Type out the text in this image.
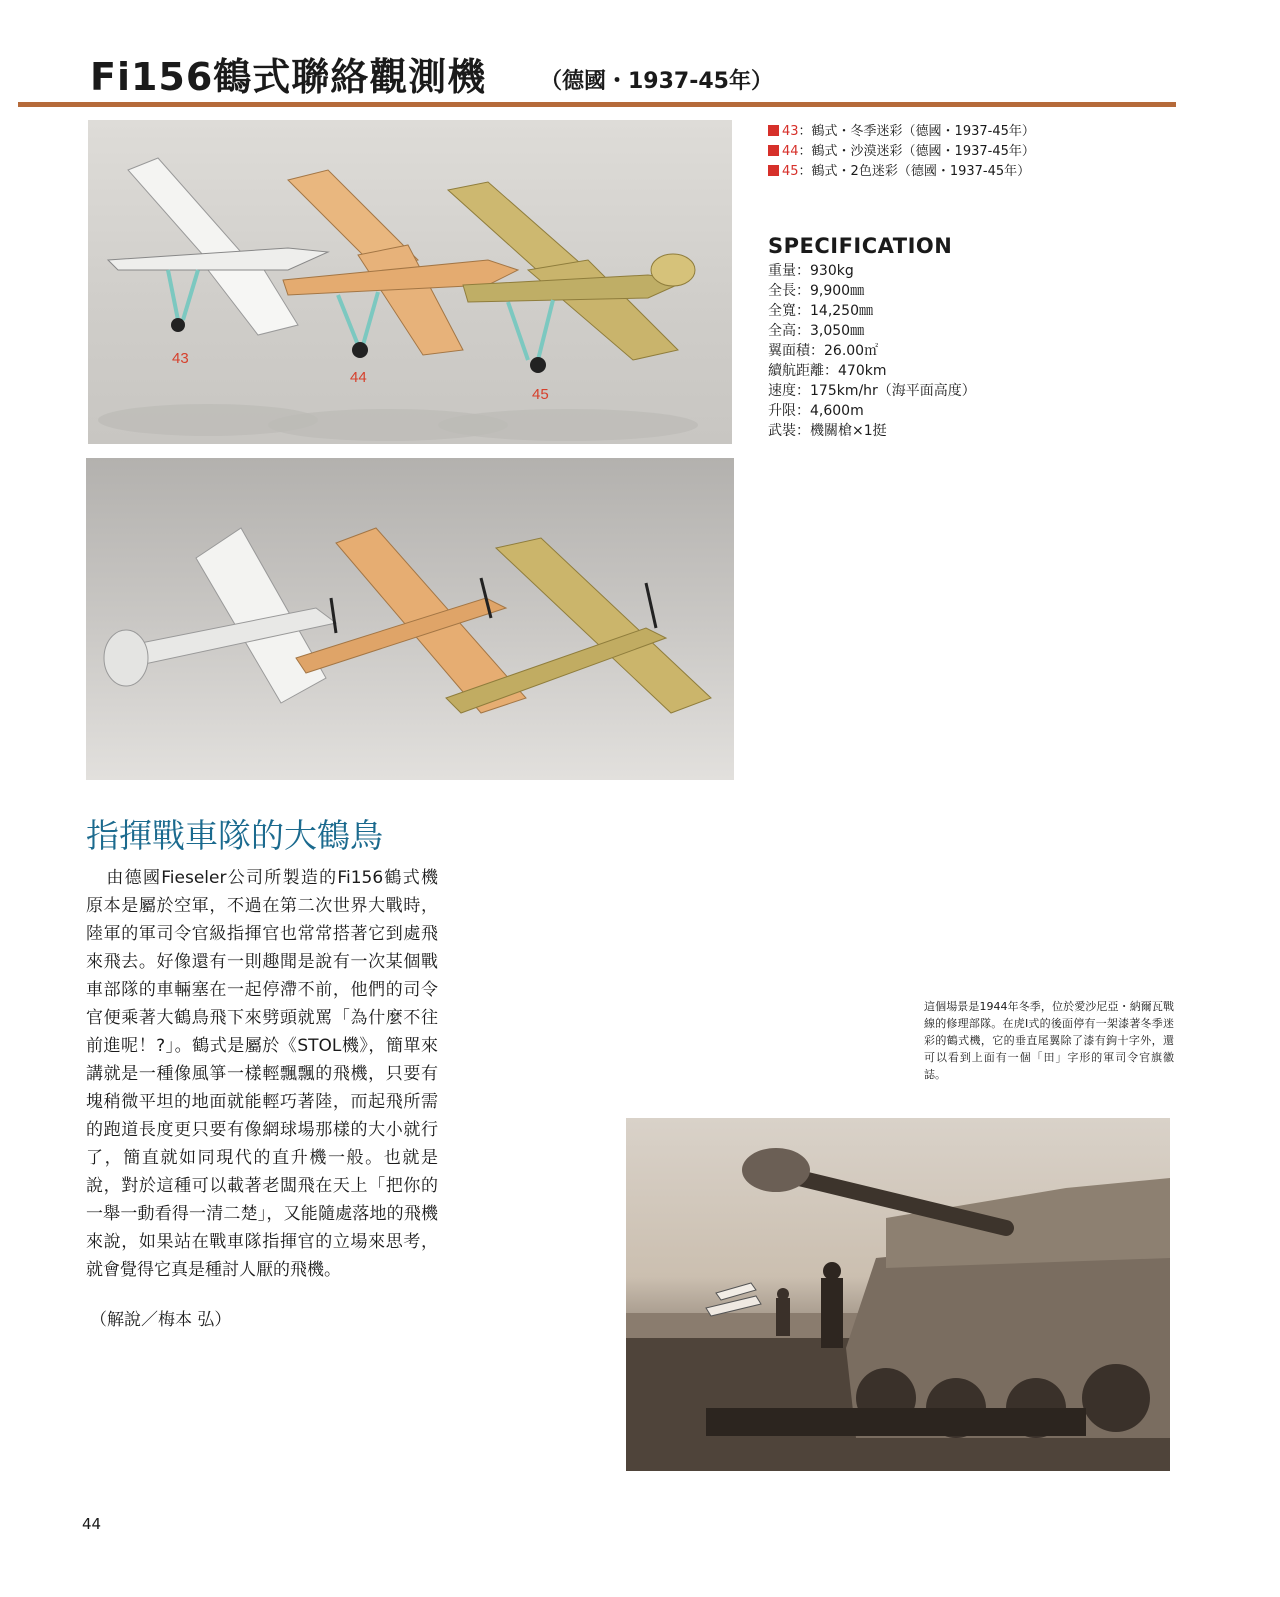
Fi156鶴式聯絡觀測機 （德國・1937-45年）
43
44
45
43：鶴式・冬季迷彩（德國・1937-45年）
44：鶴式・沙漠迷彩（德國・1937-45年）
45：鶴式・2色迷彩（德國・1937-45年）
SPECIFICATION
重量：930kg
全長：9,900㎜
全寬：14,250㎜
全高：3,050㎜
翼面積：26.00㎡
續航距離：470km
速度：175km/hr（海平面高度）
升限：4,600m
武裝：機關槍×1挺
指揮戰車隊的大鶴鳥

由德國Fieseler公司所製造的Fi156鶴式機原本是屬於空軍，不過在第二次世界大戰時，陸軍的軍司令官級指揮官也常常搭著它到處飛來飛去。好像還有一則趣聞是說有一次某個戰車部隊的車輛塞在一起停滯不前，他們的司令官便乘著大鶴鳥飛下來劈頭就罵「為什麼不往前進呢！?」。鶴式是屬於《STOL機》，簡單來講就是一種像風箏一樣輕飄飄的飛機，只要有塊稍微平坦的地面就能輕巧著陸，而起飛所需的跑道長度更只要有像網球場那樣的大小就行了，簡直就如同現代的直升機一般。也就是說，對於這種可以載著老闆飛在天上「把你的一舉一動看得一清二楚」，又能隨處落地的飛機來說，如果站在戰車隊指揮官的立場來思考，就會覺得它真是種討人厭的飛機。

（解說／梅本 弘）
這個場景是1944年冬季，位於愛沙尼亞・納爾瓦戰線的修理部隊。在虎Ⅰ式的後面停有一架漆著冬季迷彩的鶴式機，它的垂直尾翼除了漆有鉤十字外，還可以看到上面有一個「田」字形的軍司令官旗徽誌。
44
